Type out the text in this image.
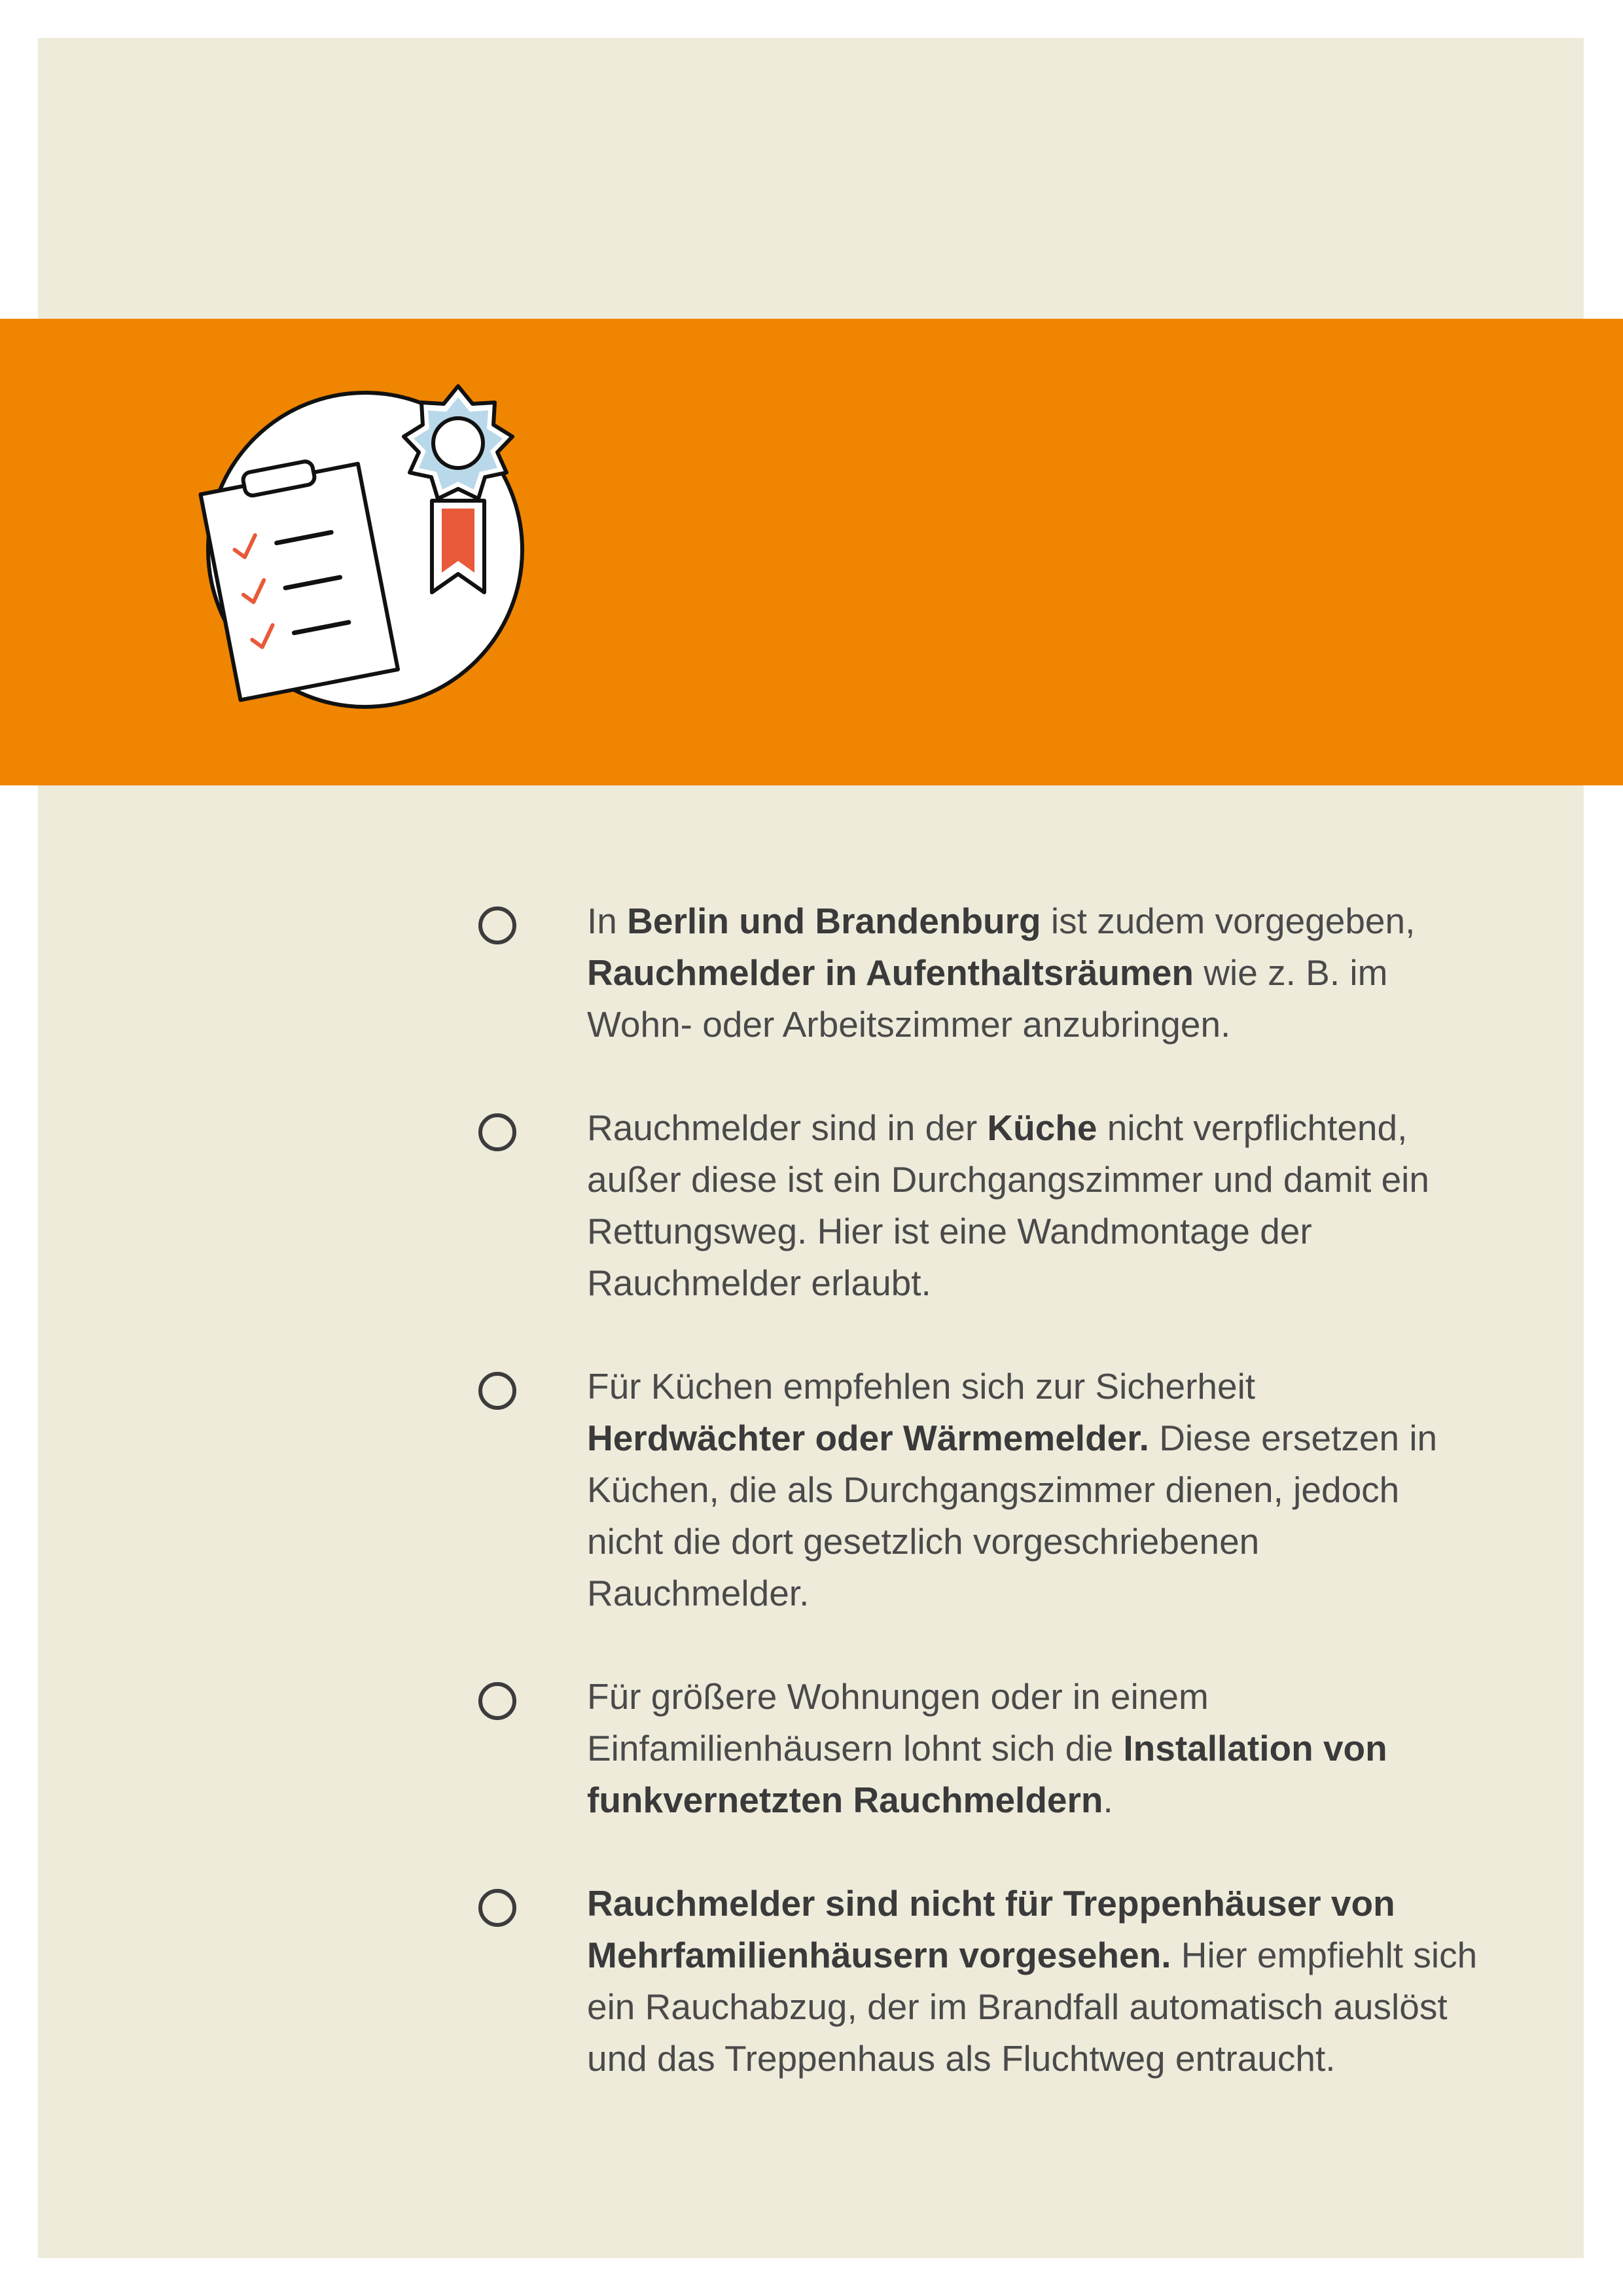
In Berlin und Brandenburg ist zudem vorgegeben, Rauchmelder in Aufenthaltsräumen wie z. B. im Wohn- oder Arbeitszimmer anzubringen.

Rauchmelder sind in der Küche nicht verpflichtend, außer diese ist ein Durchgangszimmer und damit ein Rettungsweg. Hier ist eine Wandmontage der Rauchmelder erlaubt.

Für Küchen empfehlen sich zur Sicherheit Herdwächter oder Wärmemelder. Diese ersetzen in Küchen, die als Durchgangszimmer dienen, jedoch nicht die dort gesetzlich vorgeschriebenen Rauchmelder.

Für größere Wohnungen oder in einem Einfamilienhäusern lohnt sich die Installation von funkvernetzten Rauchmeldern.

Rauchmelder sind nicht für Treppenhäuser von Mehrfamilienhäusern vorgesehen. Hier empfiehlt sich ein Rauchabzug, der im Brandfall automatisch auslöst und das Treppenhaus als Fluchtweg entraucht.
